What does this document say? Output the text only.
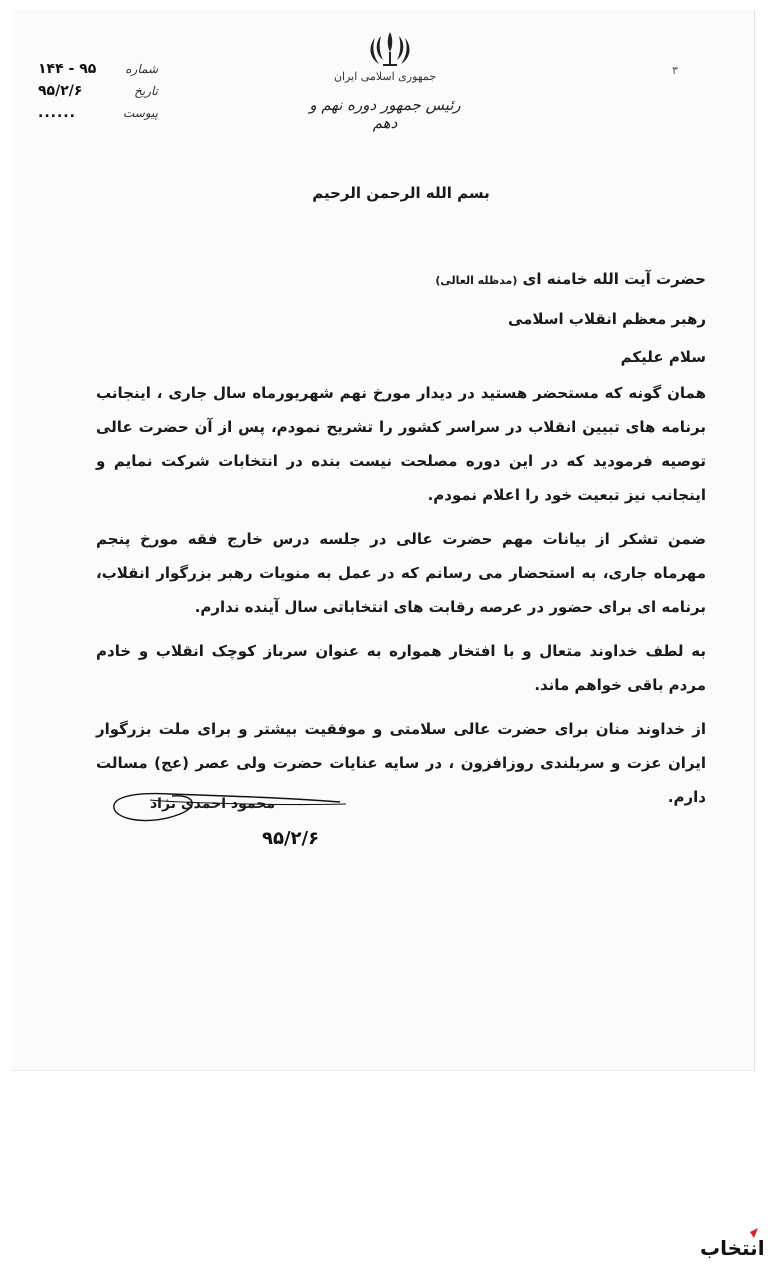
جمهوری اسلامی ایران
رئیس جمهور دوره نهم و دهم
شماره
۹۵ - ۱۴۴
تاریخ
۹۵/۲/۶
پیوست
......
۳
بسم الله الرحمن الرحیم
حضرت آیت الله خامنه ای (مدظله العالی)
رهبر معظم انقلاب اسلامی
سلام علیکم

همان گونه که مستحضر هستید در دیدار مورخ نهم شهریورماه سال جاری ، اینجانب برنامه های تبیین انقلاب در سراسر کشور را تشریح نمودم، پس از آن حضرت عالی توصیه فرمودید که در این دوره مصلحت نیست بنده در انتخابات شرکت نمایم و اینجانب نیز تبعیت خود را اعلام نمودم.

ضمن تشکر از بیانات مهم حضرت عالی در جلسه درس خارج فقه مورخ پنجم مهرماه جاری، به استحضار می رسانم که در عمل به منویات رهبر بزرگوار انقلاب، برنامه ای برای حضور در عرصه رقابت های انتخاباتی سال آینده ندارم.

به لطف خداوند متعال و با افتخار همواره به عنوان سرباز کوچک انقلاب و خادم مردم باقی خواهم ماند.

از خداوند منان برای حضرت عالی سلامتی و موفقیت بیشتر و برای ملت بزرگوار ایران عزت و سربلندی روزافزون ، در سایه عنایات حضرت ولی عصر (عج) مسالت دارم.

محمود احمدی نژاد
۹۵/۲/۶
انتخاب
